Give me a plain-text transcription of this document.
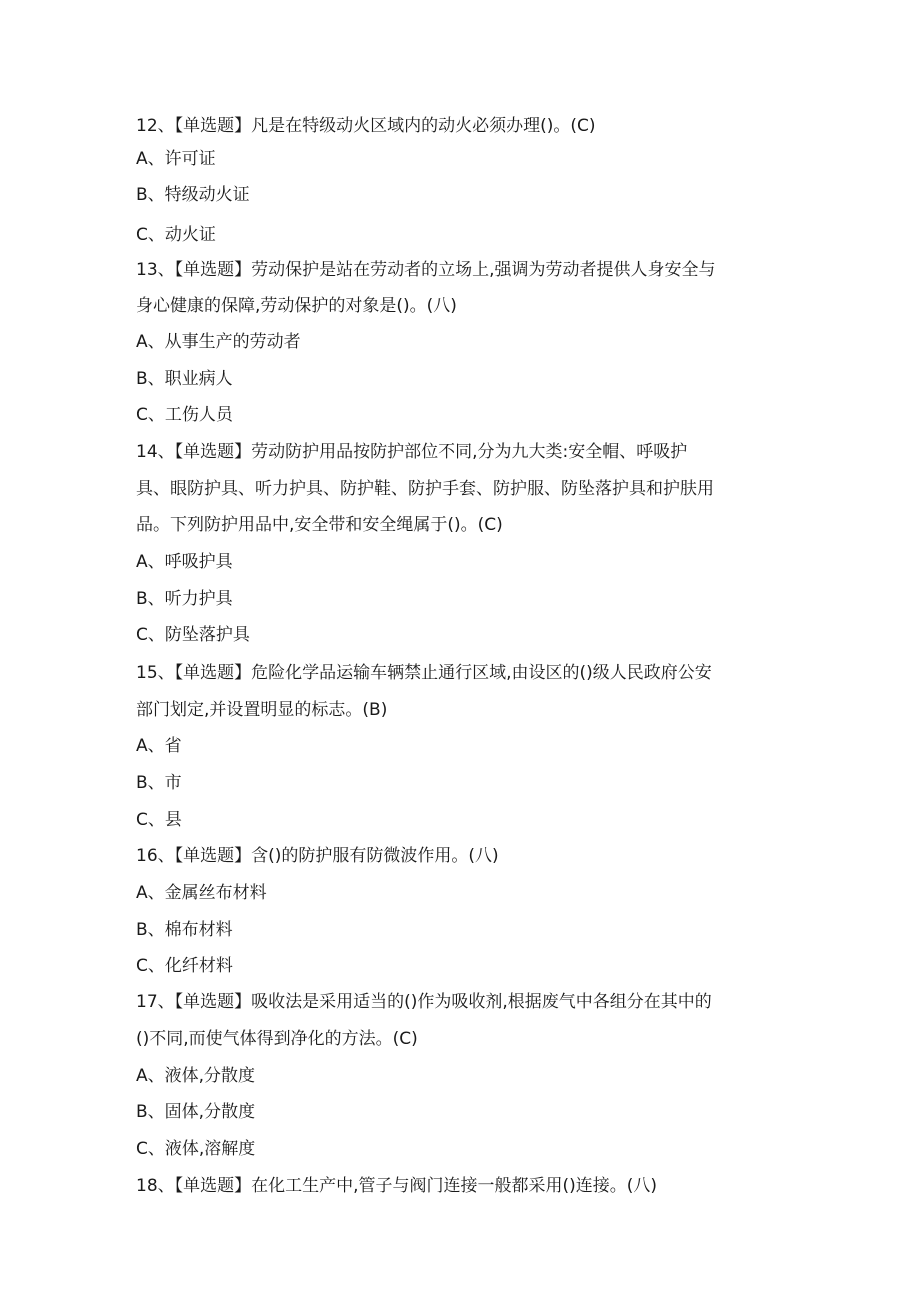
12、【单选题】凡是在特级动火区域内的动火必须办理()。(C)
A、许可证
B、特级动火证
C、动火证
13、【单选题】劳动保护是站在劳动者的立场上,强调为劳动者提供人身安全与
身心健康的保障,劳动保护的对象是()。(八)
A、从事生产的劳动者
B、职业病人
C、工伤人员
14、【单选题】劳动防护用品按防护部位不同,分为九大类:安全帽、呼吸护
具、眼防护具、听力护具、防护鞋、防护手套、防护服、防坠落护具和护肤用
品。下列防护用品中,安全带和安全绳属于()。(C)
A、呼吸护具
B、听力护具
C、防坠落护具
15、【单选题】危险化学品运输车辆禁止通行区域,由设区的()级人民政府公安
部门划定,并设置明显的标志。(B)
A、省
B、市
C、县
16、【单选题】含()的防护服有防微波作用。(八)
A、金属丝布材料
B、棉布材料
C、化纤材料
17、【单选题】吸收法是采用适当的()作为吸收剂,根据废气中各组分在其中的
()不同,而使气体得到净化的方法。(C)
A、液体,分散度
B、固体,分散度
C、液体,溶解度
18、【单选题】在化工生产中,管子与阀门连接一般都采用()连接。(八)
